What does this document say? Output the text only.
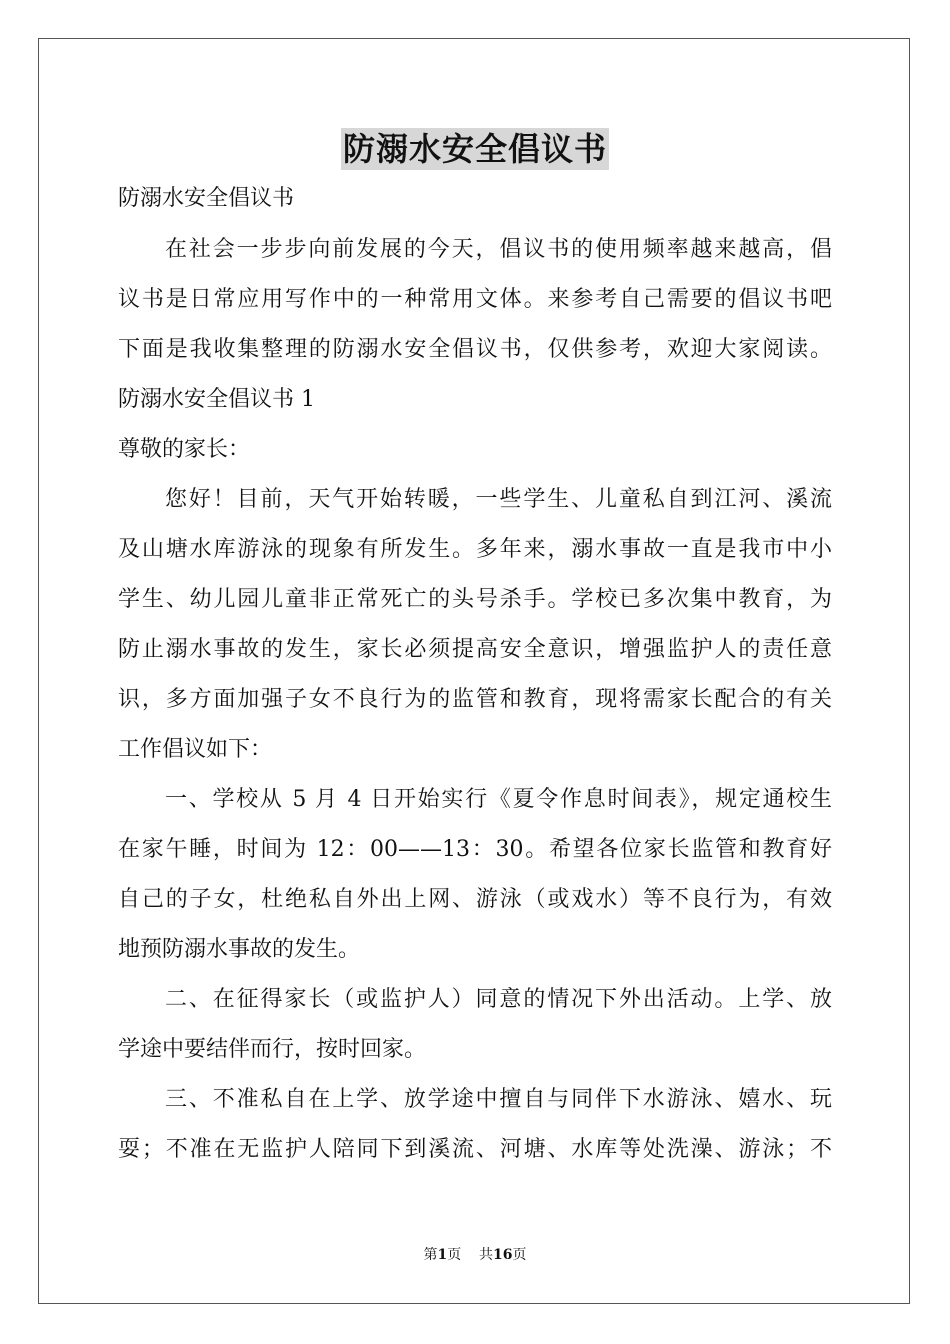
防溺水安全倡议书
防溺水安全倡议书
在社会一步步向前发展的今天，倡议书的使用频率越来越高，倡
议书是日常应用写作中的一种常用文体。来参考自己需要的倡议书吧
下面是我收集整理的防溺水安全倡议书，仅供参考，欢迎大家阅读。
防溺水安全倡议书 1
尊敬的家长：
您好！目前，天气开始转暖，一些学生、儿童私自到江河、溪流
及山塘水库游泳的现象有所发生。多年来，溺水事故一直是我市中小
学生、幼儿园儿童非正常死亡的头号杀手。学校已多次集中教育，为
防止溺水事故的发生，家长必须提高安全意识，增强监护人的责任意
识，多方面加强子女不良行为的监管和教育，现将需家长配合的有关
工作倡议如下：
一、学校从 5 月 4 日开始实行《夏令作息时间表》，规定通校生
在家午睡，时间为 12：00——13：30。希望各位家长监管和教育好
自己的子女，杜绝私自外出上网、游泳（或戏水）等不良行为，有效
地预防溺水事故的发生。
二、在征得家长（或监护人）同意的情况下外出活动。上学、放
学途中要结伴而行，按时回家。
三、不准私自在上学、放学途中擅自与同伴下水游泳、嬉水、玩
耍；不准在无监护人陪同下到溪流、河塘、水库等处洗澡、游泳；不
第1页 共16页
